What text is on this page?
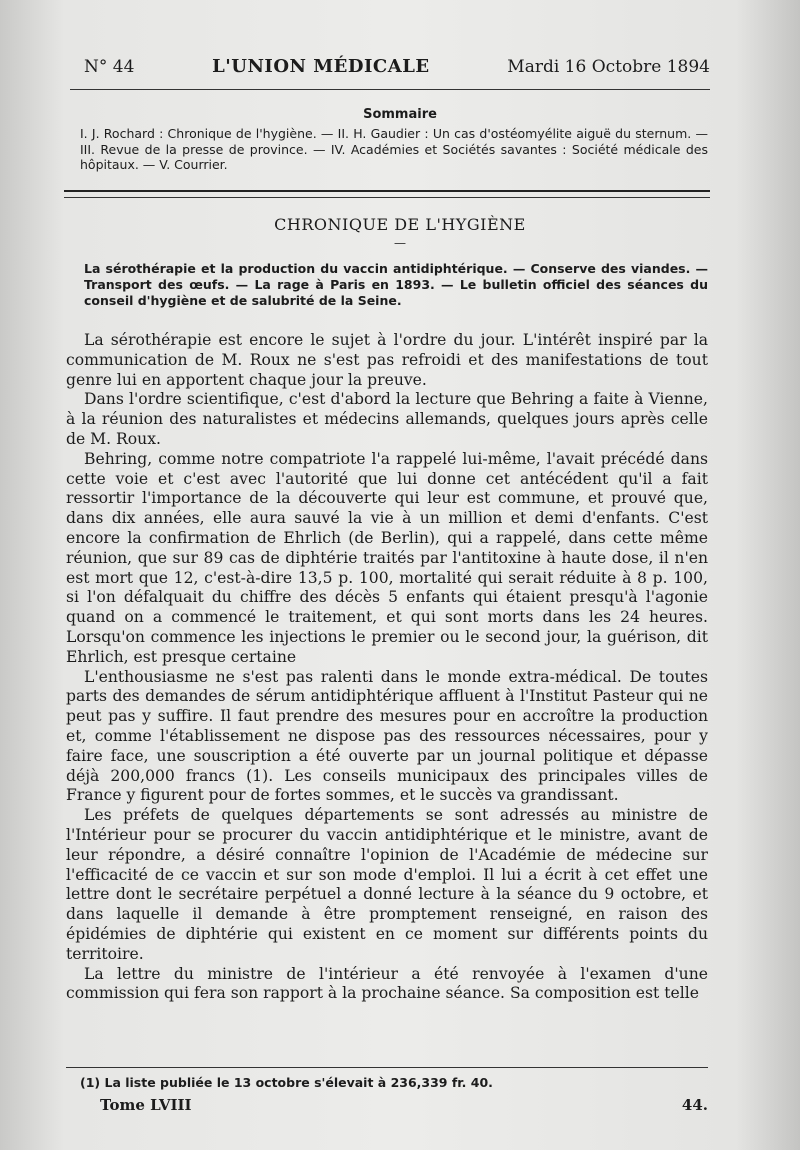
N° 44	L'UNION MÉDICALE	Mardi 16 Octobre 1894
Sommaire
I. J. Rochard : Chronique de l'hygiène. — II. H. Gaudier : Un cas d'ostéomyélite aiguë du sternum. — III. Revue de la presse de province. — IV. Académies et Sociétés savantes : Société médicale des hôpitaux. — V. Courrier.
CHRONIQUE DE L'HYGIÈNE
—
La sérothérapie et la production du vaccin antidiphtérique. — Conserve des viandes. — Transport des œufs. — La rage à Paris en 1893. — Le bulletin officiel des séances du conseil d'hygiène et de salubrité de la Seine.

La sérothérapie est encore le sujet à l'ordre du jour. L'intérêt inspiré par la communication de M. Roux ne s'est pas refroidi et des manifestations de tout genre lui en apportent chaque jour la preuve.

Dans l'ordre scientifique, c'est d'abord la lecture que Behring a faite à Vienne, à la réunion des naturalistes et médecins allemands, quelques jours après celle de M. Roux.

Behring, comme notre compatriote l'a rappelé lui-même, l'avait précédé dans cette voie et c'est avec l'autorité que lui donne cet antécédent qu'il a fait ressortir l'importance de la découverte qui leur est commune, et prouvé que, dans dix années, elle aura sauvé la vie à un million et demi d'enfants. C'est encore la confirmation de Ehrlich (de Berlin), qui a rappelé, dans cette même réunion, que sur 89 cas de diphtérie traités par l'antitoxine à haute dose, il n'en est mort que 12, c'est-à-dire 13,5 p. 100, mortalité qui serait réduite à 8 p. 100, si l'on défalquait du chiffre des décès 5 enfants qui étaient presqu'à l'agonie quand on a commencé le traitement, et qui sont morts dans les 24 heures. Lorsqu'on commence les injections le premier ou le second jour, la guérison, dit Ehrlich, est presque certaine

L'enthousiasme ne s'est pas ralenti dans le monde extra-médical. De toutes parts des demandes de sérum antidiphtérique affluent à l'Institut Pasteur qui ne peut pas y suffire. Il faut prendre des mesures pour en accroître la production et, comme l'établissement ne dispose pas des ressources nécessaires, pour y faire face, une souscription a été ouverte par un journal politique et dépasse déjà 200,000 francs (1). Les conseils municipaux des principales villes de France y figurent pour de fortes sommes, et le succès va grandissant.

Les préfets de quelques départements se sont adressés au ministre de l'Intérieur pour se procurer du vaccin antidiphtérique et le ministre, avant de leur répondre, a désiré connaître l'opinion de l'Académie de médecine sur l'efficacité de ce vaccin et sur son mode d'emploi. Il lui a écrit à cet effet une lettre dont le secrétaire perpétuel a donné lecture à la séance du 9 octobre, et dans laquelle il demande à être promptement renseigné, en raison des épidémies de diphtérie qui existent en ce moment sur différents points du territoire.

La lettre du ministre de l'intérieur a été renvoyée à l'examen d'une commission qui fera son rapport à la prochaine séance. Sa composition est telle

(1) La liste publiée le 13 octobre s'élevait à 236,339 fr. 40.
Tome LVIII	44.
